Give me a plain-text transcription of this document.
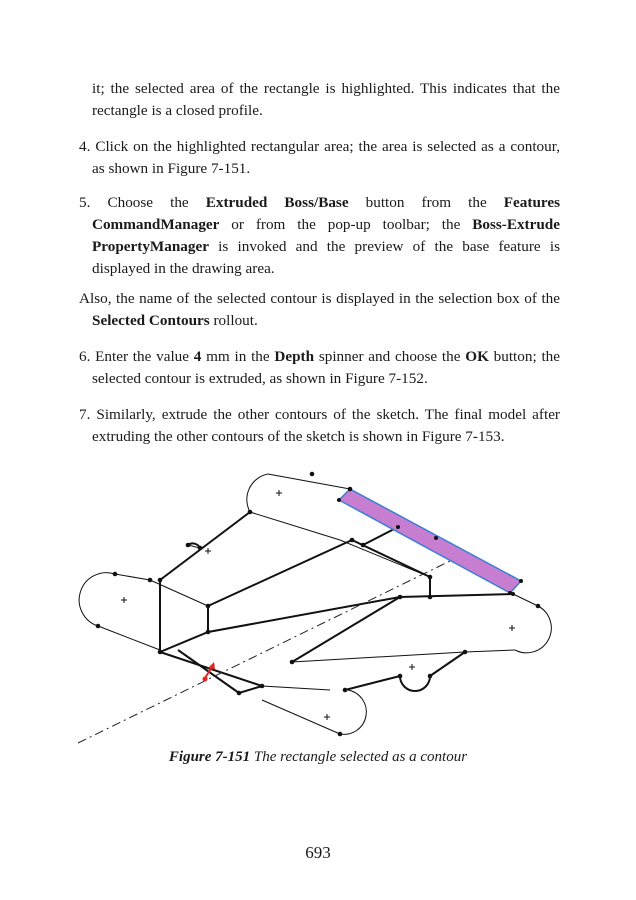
it; the selected area of the rectangle is highlighted. This indicates that the rectangle is a closed profile.
4. Click on the highlighted rectangular area; the area is selected as a contour, as shown in Figure 7-151.
5. Choose the Extruded Boss/Base button from the Features CommandManager or from the pop-up toolbar; the Boss-Extrude PropertyManager is invoked and the preview of the base feature is displayed in the drawing area.
Also, the name of the selected contour is displayed in the selection box of the Selected Contours rollout.
6. Enter the value 4 mm in the Depth spinner and choose the OK button; the selected contour is extruded, as shown in Figure 7-152.
7. Similarly, extrude the other contours of the sketch. The final model after extruding the other contours of the sketch is shown in Figure 7-153.
Figure 7-151 The rectangle selected as a contour
693
